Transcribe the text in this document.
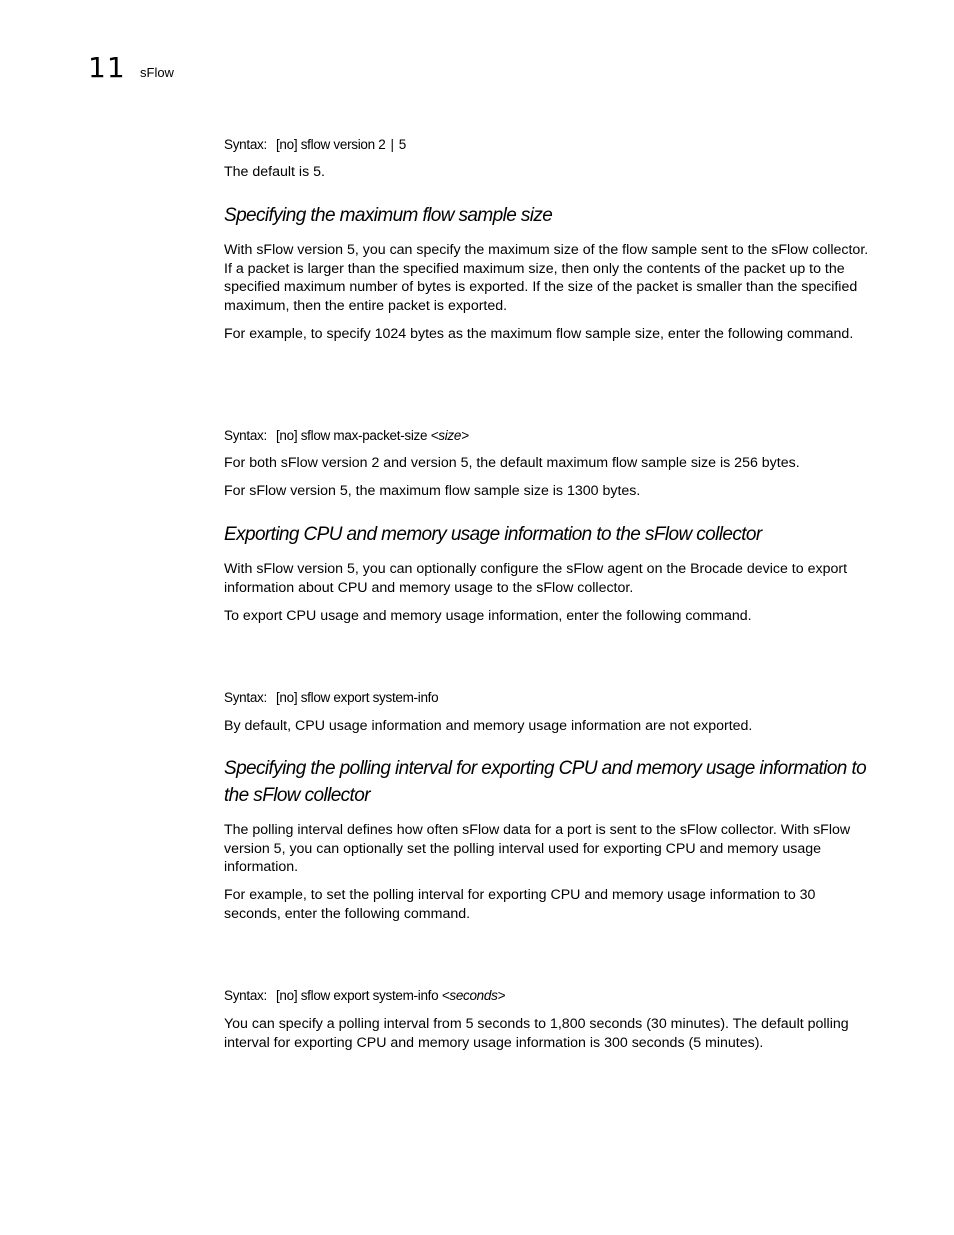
11 sFlow
Syntax: [no] sflow version 2 | 5

The default is 5.

Specifying the maximum flow sample size

With sFlow version 5, you can specify the maximum size of the flow sample sent to the sFlow collector. If a packet is larger than the specified maximum size, then only the contents of the packet up to the specified maximum number of bytes is exported. If the size of the packet is smaller than the specified maximum, then the entire packet is exported.

For example, to specify 1024 bytes as the maximum flow sample size, enter the following command.

Syntax: [no] sflow max-packet-size <size>

For both sFlow version 2 and version 5, the default maximum flow sample size is 256 bytes.

For sFlow version 5, the maximum flow sample size is 1300 bytes.

Exporting CPU and memory usage information to the sFlow collector

With sFlow version 5, you can optionally configure the sFlow agent on the Brocade device to export information about CPU and memory usage to the sFlow collector.

To export CPU usage and memory usage information, enter the following command.

Syntax: [no] sflow export system-info

By default, CPU usage information and memory usage information are not exported.

Specifying the polling interval for exporting CPU and memory usage information to the sFlow collector

The polling interval defines how often sFlow data for a port is sent to the sFlow collector. With sFlow version 5, you can optionally set the polling interval used for exporting CPU and memory usage information.

For example, to set the polling interval for exporting CPU and memory usage information to 30 seconds, enter the following command.

Syntax: [no] sflow export system-info <seconds>

You can specify a polling interval from 5 seconds to 1,800 seconds (30 minutes). The default polling interval for exporting CPU and memory usage information is 300 seconds (5 minutes).
